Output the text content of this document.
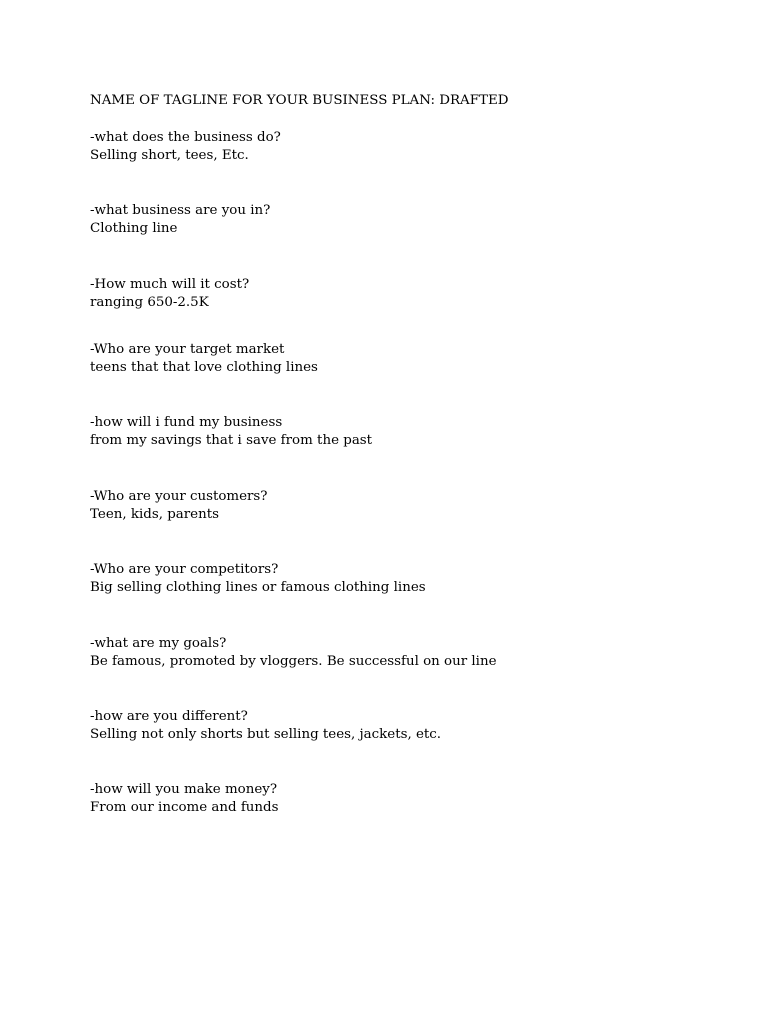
NAME OF TAGLINE FOR YOUR BUSINESS PLAN: DRAFTED
-what does the business do?
Selling short, tees, Etc.
-what business are you in?
Clothing line
-How much will it cost?
ranging 650-2.5K
-Who are your target market
teens that that love clothing lines
-how will i fund my business
from my savings that i save from the past
-Who are your customers?
Teen, kids, parents
-Who are your competitors?
Big selling clothing lines or famous clothing lines
-what are my goals?
Be famous, promoted by vloggers. Be successful on our line
-how are you different?
Selling not only shorts but selling tees, jackets, etc.
-how will you make money?
From our income and funds
